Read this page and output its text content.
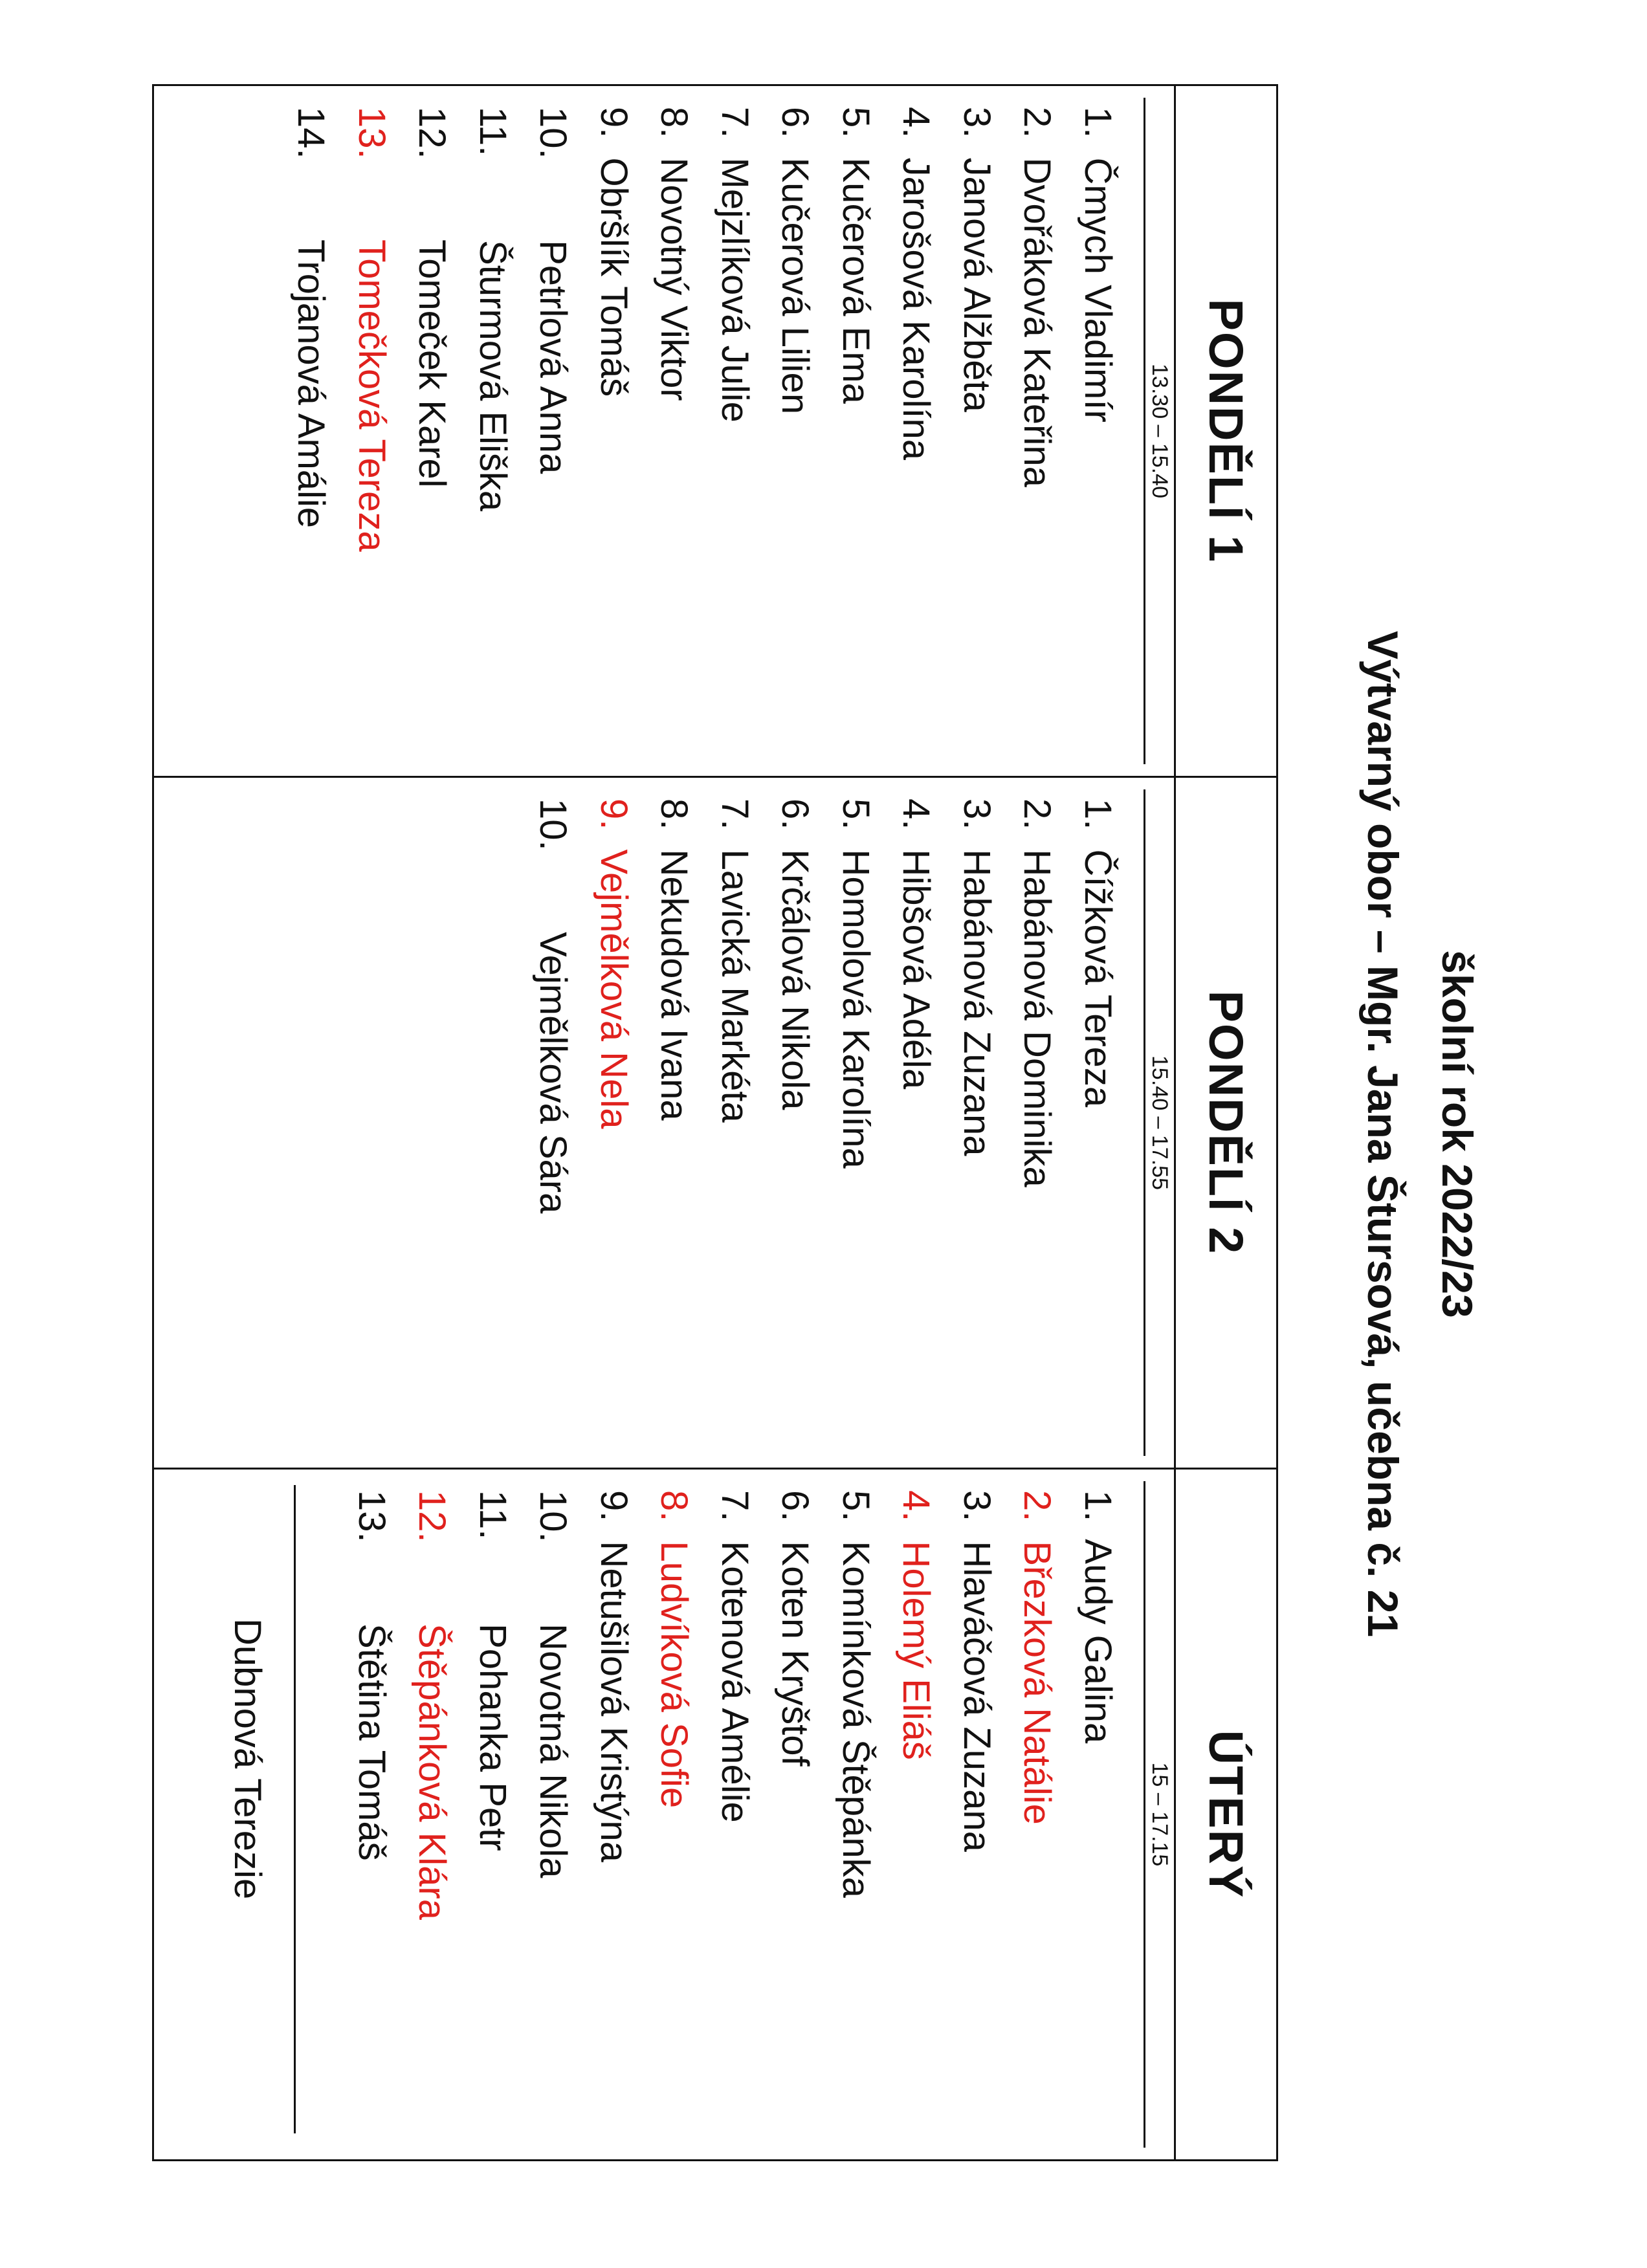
školní rok 2022/23
Výtvarný obor – Mgr. Jana Štursová, učebna č. 21
PONDĚLÍ 1
13.30 – 15.40
1. Čmych Vladimír
2. Dvořáková Kateřina
3. Janová Alžběta
4. Jarošová Karolína
5. Kučerová Ema
6. Kučerová Lilien
7. Mejzlíková Julie
8. Novotný Viktor
9. Obršlík Tomáš
10. Petrlová Anna
11. Šturmová Eliška
12. Tomeček Karel
13. Tomečková Tereza
14. Trojanová Amálie
PONDĚLÍ 2
15.40 – 17.55
1. Čížková Tereza
2. Habánová Dominika
3. Habánová Zuzana
4. Hibšová Adéla
5. Homolová Karolína
6. Krčálová Nikola
7. Lavická Markéta
8. Nekudová Ivana
9. Vejmělková Nela
10. Vejmělková Sára
ÚTERÝ
15 – 17.15
1. Audy Galina
2. Březková Natálie
3. Hlaváčová Zuzana
4. Holemý Eliáš
5. Komínková Štěpánka
6. Koten Kryštof
7. Kotenová Amélie
8. Ludvíková Sofie
9. Netušilová Kristýna
10. Novotná Nikola
11. Pohanka Petr
12. Štěpánková Klára
13. Štětina Tomáš
Dubnová Terezie
